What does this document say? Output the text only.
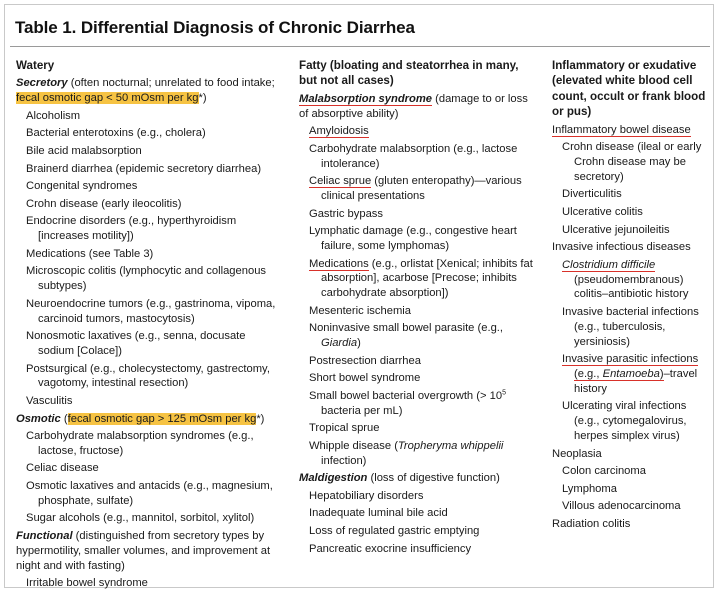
Table 1. Differential Diagnosis of Chronic Diarrhea
Watery
Secretory (often nocturnal; unrelated to food intake; fecal osmotic gap < 50 mOsm per kg*)
Alcoholism
Bacterial enterotoxins (e.g., cholera)
Bile acid malabsorption
Brainerd diarrhea (epidemic secretory diarrhea)
Congenital syndromes
Crohn disease (early ileocolitis)
Endocrine disorders (e.g., hyperthyroidism [increases motility])
Medications (see Table 3)
Microscopic colitis (lymphocytic and collagenous subtypes)
Neuroendocrine tumors (e.g., gastrinoma, vipoma, carcinoid tumors, mastocytosis)
Nonosmotic laxatives (e.g., senna, docusate sodium [Colace])
Postsurgical (e.g., cholecystectomy, gastrectomy, vagotomy, intestinal resection)
Vasculitis
Osmotic (fecal osmotic gap > 125 mOsm per kg*)
Carbohydrate malabsorption syndromes (e.g., lactose, fructose)
Celiac disease
Osmotic laxatives and antacids (e.g., magnesium, phosphate, sulfate)
Sugar alcohols (e.g., mannitol, sorbitol, xylitol)
Functional (distinguished from secretory types by hypermotility, smaller volumes, and improvement at night and with fasting)
Irritable bowel syndrome
Fatty (bloating and steatorrhea in many, but not all cases)
Malabsorption syndrome (damage to or loss of absorptive ability)
Amyloidosis
Carbohydrate malabsorption (e.g., lactose intolerance)
Celiac sprue (gluten enteropathy)—various clinical presentations
Gastric bypass
Lymphatic damage (e.g., congestive heart failure, some lymphomas)
Medications (e.g., orlistat [Xenical; inhibits fat absorption], acarbose [Precose; inhibits carbohydrate absorption])
Mesenteric ischemia
Noninvasive small bowel parasite (e.g., Giardia)
Postresection diarrhea
Short bowel syndrome
Small bowel bacterial overgrowth (> $10^5$ bacteria per mL)
Tropical sprue
Whipple disease (Tropheryma whippelii infection)
Maldigestion (loss of digestive function)
Hepatobiliary disorders
Inadequate luminal bile acid
Loss of regulated gastric emptying
Pancreatic exocrine insufficiency
Inflammatory or exudative (elevated white blood cell count, occult or frank blood or pus)
Inflammatory bowel disease
Crohn disease (ileal or early Crohn disease may be secretory)
Diverticulitis
Ulcerative colitis
Ulcerative jejunoileitis
Invasive infectious diseases
Clostridium difficile (pseudomembranous) colitis–antibiotic history
Invasive bacterial infections (e.g., tuberculosis, yersiniosis)
Invasive parasitic infections (e.g., Entamoeba)–travel history
Ulcerating viral infections (e.g., cytomegalovirus, herpes simplex virus)
Neoplasia
Colon carcinoma
Lymphoma
Villous adenocarcinoma
Radiation colitis
